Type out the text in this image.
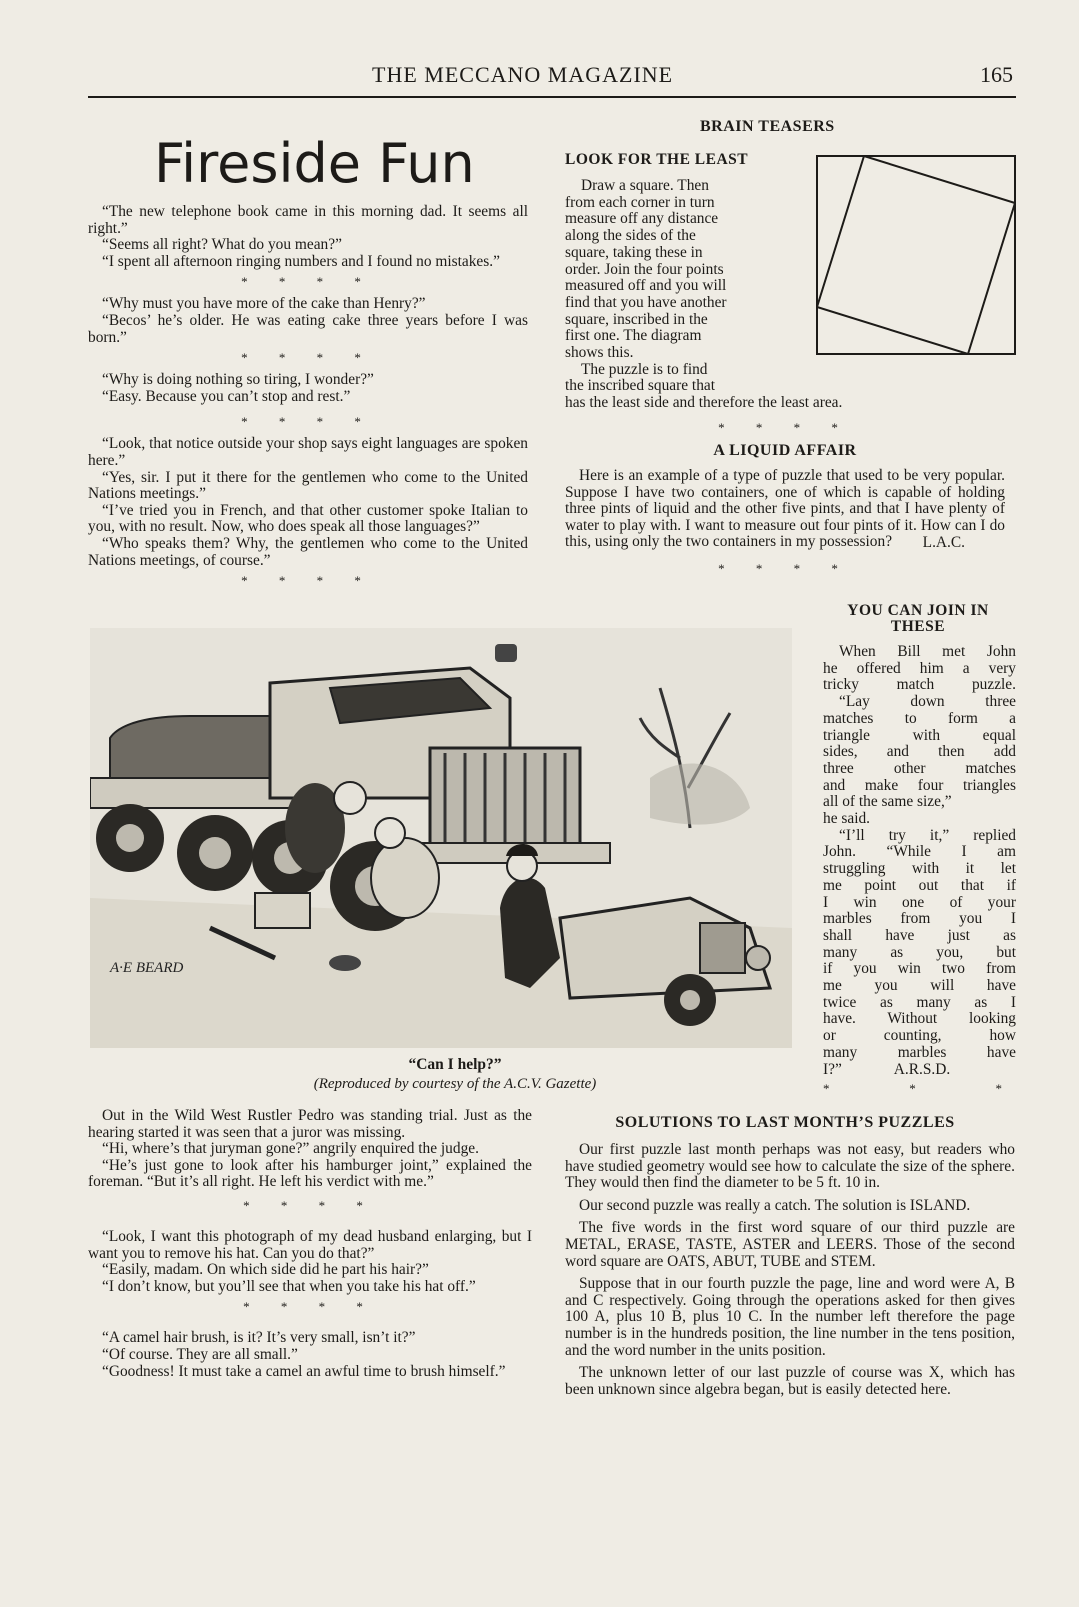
THE MECCANO MAGAZINE	165
Fireside Fun

“The new telephone book came in this morning dad. It seems all right.”

“Seems all right? What do you mean?”

“I spent all afternoon ringing numbers and I found no mistakes.”

* * * *

“Why must you have more of the cake than Henry?”

“Becos’ he’s older. He was eating cake three years before I was born.”

* * * *

“Why is doing nothing so tiring, I wonder?”

“Easy. Because you can’t stop and rest.”

* * * *

“Look, that notice outside your shop says eight languages are spoken here.”

“Yes, sir. I put it there for the gentlemen who come to the United Nations meetings.”

“I’ve tried you in French, and that other customer spoke Italian to you, with no result. Now, who does speak all those languages?”

“Who speaks them? Why, the gentlemen who come to the United Nations meetings, of course.”

* * * *
BRAIN TEASERS
LOOK FOR THE LEAST
Draw a square. Then
from each corner in turn
measure off any distance
along the sides of the
square, taking these in
order. Join the four points
measured off and you will
find that you have another
square, inscribed in the
first one. The diagram
shows this.
The puzzle is to find
the inscribed square that
has the least side and therefore the least area.
* * * *
A LIQUID AFFAIR

Here is an example of a type of puzzle that used to be very popular. Suppose I have two containers, one of which is capable of holding three pints of liquid and the other five pints, and that I have plenty of water to play with. I want to measure out four pints of it. How can I do this, using only the two containers in my possession?	L.A.C.
* * * *
YOU CAN JOIN IN THESE
When Bill met John
he offered him a very
tricky match puzzle.
“Lay down three
matches to form a
triangle with equal
sides, and then add
three other matches
and make four triangles
all of the same size,”
he said.
“I’ll try it,” replied
John. “While I am
struggling with it let
me point out that if
I win one of your
marbles from you I
shall have just as
many as you, but
if you win two from
me you will have
twice as many as I
have. Without looking
or counting, how
many marbles have
I?”	A.R.S.D.
* * *
A·E BEARD
“Can I help?”
(Reproduced by courtesy of the A.C.V. Gazette)

Out in the Wild West Rustler Pedro was standing trial. Just as the hearing started it was seen that a juror was missing.

“Hi, where’s that juryman gone?” angrily enquired the judge.

“He’s just gone to look after his hamburger joint,” explained the foreman. “But it’s all right. He left his verdict with me.”

* * * *

“Look, I want this photograph of my dead husband enlarging, but I want you to remove his hat. Can you do that?”

“Easily, madam. On which side did he part his hair?”

“I don’t know, but you’ll see that when you take his hat off.”

* * * *

“A camel hair brush, is it? It’s very small, isn’t it?”

“Of course. They are all small.”

“Goodness! It must take a camel an awful time to brush himself.”

SOLUTIONS TO LAST MONTH’S PUZZLES

Our first puzzle last month perhaps was not easy, but readers who have studied geometry would see how to calculate the size of the sphere. They would then find the diameter to be 5 ft. 10 in.

Our second puzzle was really a catch. The solution is ISLAND.

The five words in the first word square of our third puzzle are METAL, ERASE, TASTE, ASTER and LEERS. Those of the second word square are OATS, ABUT, TUBE and STEM.

Suppose that in our fourth puzzle the page, line and word were A, B and C respectively. Going through the operations asked for then gives 100 A, plus 10 B, plus 10 C. In the number left therefore the page number is in the hundreds position, the line number in the tens position, and the word number in the units position.

The unknown letter of our last puzzle of course was X, which has been unknown since algebra began, but is easily detected here.
